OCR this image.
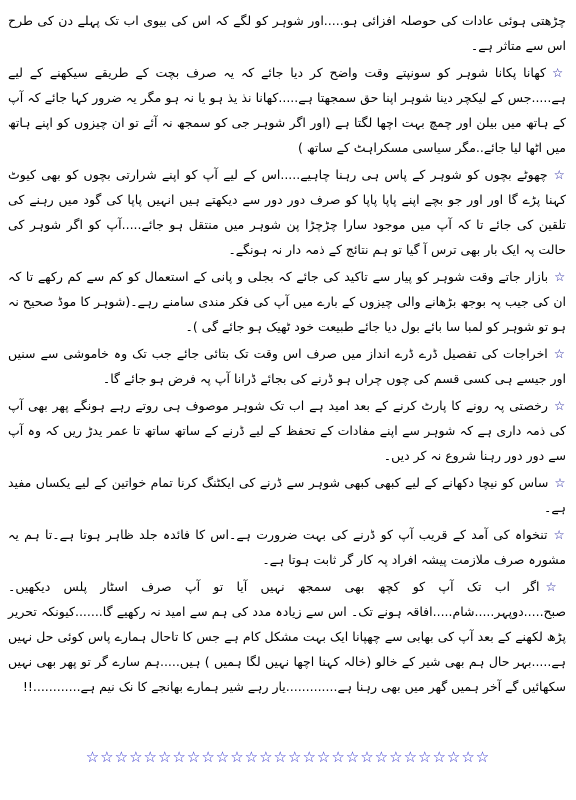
چڑھتی ہوئی عادات کی حوصلہ افزائی ہو.....اور شوہر کو لگے کہ اس کی بیوی اب تک پہلے دن کی طرح اس سے متاثر ہے۔

☆کھانا پکانا شوہر کو سونپتے وقت واضح کر دیا جائے کہ یہ صرف بچت کے طریقے سیکھنے کے لیے ہے.....جس کے لیکچر دینا شوہر اپنا حق سمجھتا ہے.....کھانا نذ یذ ہو یا نہ ہو مگر یہ ضرور کہا جائے کہ آپ کے ہاتھ میں بیلن اور چمچ بہت اچھا لگتا ہے (اور اگر شوہر جی کو سمجھ نہ آئے تو ان چیزوں کو اپنے ہاتھ میں اٹھا لیا جائے..مگر سیاسی مسکراہٹ کے ساتھ )

☆چھوٹے بچوں کو شوہر کے پاس ہی رہنا چاہیے.....اس کے لیے آپ کو اپنے شرارتی بچوں کو بھی کیوٹ کہنا پڑے گا اور اور جو بچے اپنے پاپا پاپا کو صرف دور دور سے دیکھتے ہیں انہیں پاپا کی گود میں رہنے کی تلقین کی جائے تا کہ آپ میں موجود سارا چڑچڑا پن شوہر میں منتقل ہو جائے.....آپ کو اگر شوہر کی حالت پہ ایک بار بھی ترس آ گیا تو ہم نتائج کے ذمہ دار نہ ہونگے۔

☆بازار جاتے وقت شوہر کو پیار سے تاکید کی جائے کہ بجلی و پانی کے استعمال کو کم سے کم رکھے تا کہ ان کی جیب پہ بوجھ بڑھانے والی چیزوں کے بارے میں آپ کی فکر مندی سامنے رہے۔(شوہر کا موڈ صحیح نہ ہو تو شوہر کو لمبا سا بائے بول دیا جائے طبیعت خود ٹھیک ہو جائے گی )۔

☆اخراجات کی تفصیل ڈرے ڈرے انداز میں صرف اس وقت تک بتائی جائے جب تک وہ خاموشی سے سنیں اور جیسے ہی کسی قسم کی چوں چراں ہو ڈرنے کی بجائے ڈرانا آپ پہ فرض ہو جائے گا۔

☆رخصتی پہ رونے کا پارٹ کرنے کے بعد امید ہے اب تک شوہر موصوف ہی روتے رہے ہونگے پھر بھی آپ کی ذمہ داری ہے کہ شوہر سے اپنے مفادات کے تحفظ کے لیے ڈرنے کے ساتھ ساتھ تا عمر یدڑ ریں کہ وہ آپ سے دور دور رہنا شروع نہ کر دیں۔

☆ساس کو نیچا دکھانے کے لیے کبھی کبھی شوہر سے ڈرنے کی ایکٹنگ کرنا تمام خواتین کے لیے یکساں مفید ہے۔

☆تنخواہ کی آمد کے قریب آپ کو ڈرنے کی بہت ضرورت ہے۔اس کا فائدہ جلد ظاہر ہوتا ہے۔تا ہم یہ مشورہ صرف ملازمت پیشہ افراد پہ کار گر ثابت ہوتا ہے۔

☆اگر اب تک آپ کو کچھ بھی سمجھ نہیں آیا تو آپ صرف اسٹار پلس دیکھیں۔صبح.....دوپہر.....شام.....افاقہ ہونے تک۔ اس سے زیادہ مدد کی ہم سے امید نہ رکھیے گا.......کیونکہ تحریر پڑھ لکھنے کے بعد آپ کی بھابی سے چھپانا ایک بہت مشکل کام ہے جس کا تاحال ہمارے پاس کوئی حل نہیں ہے.....بہر حال ہم بھی شیر کے خالو (خالہ کہنا اچھا نہیں لگا ہمیں ) ہیں.....ہم سارے گر تو پھر بھی نہیں سکھائیں گے آخر ہمیں گھر میں بھی رہنا ہے.............یار رہے شیر ہمارے بھانجے کا نک نیم ہے............!!

☆☆☆☆☆☆☆☆☆☆☆☆☆☆☆☆☆☆☆☆☆☆☆☆☆☆☆☆
